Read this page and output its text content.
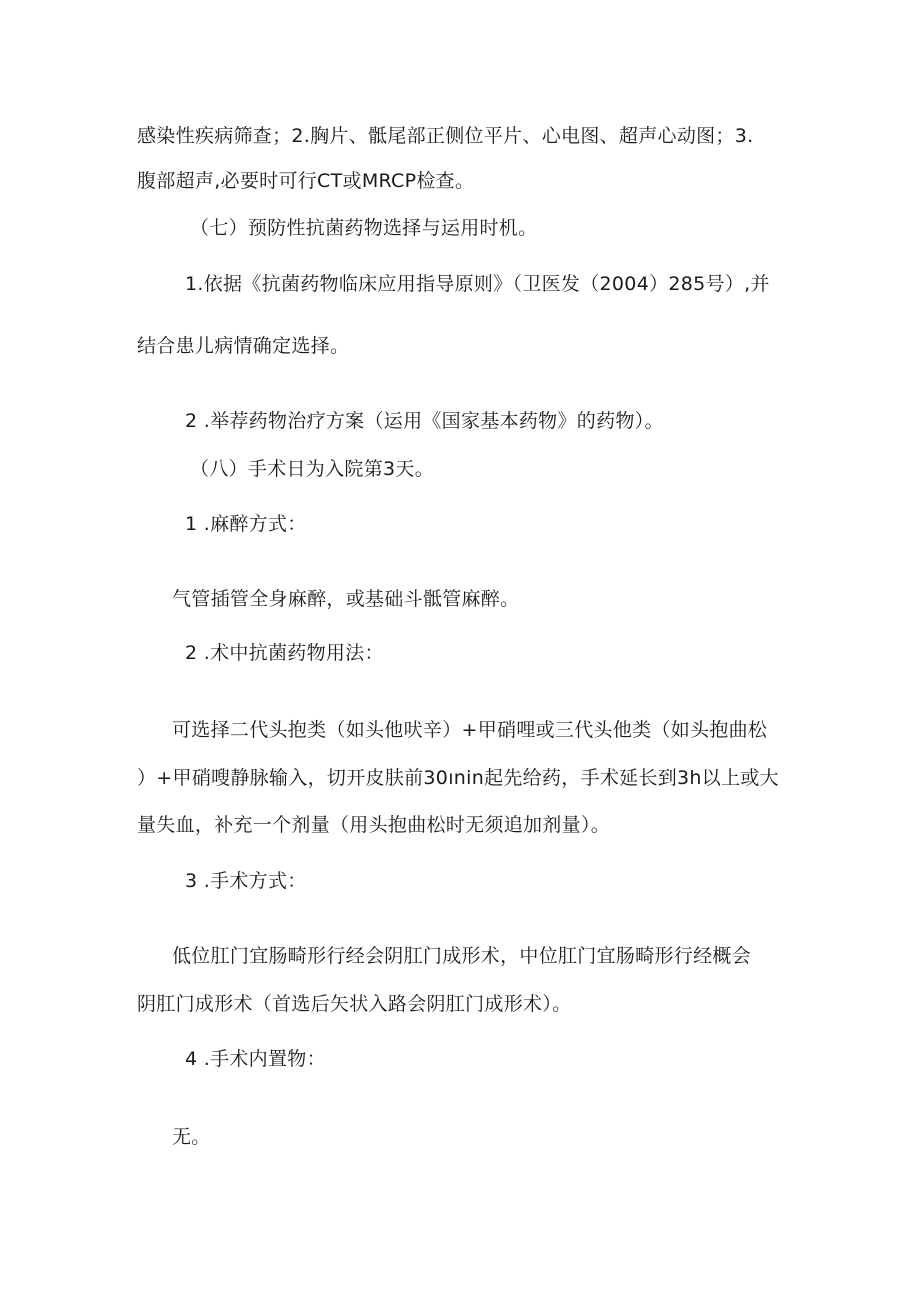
感染性疾病筛查；2.胸片、骶尾部正侧位平片、心电图、超声心动图；3.

腹部超声,必要时可行CT或MRCP检查。

（七）预防性抗菌药物选择与运用时机。

1.依据《抗菌药物临床应用指导原则》（卫医发（2004）285号）,并

结合患儿病情确定选择。

2 .举荐药物治疗方案（运用《国家基本药物》的药物）。

（八）手术日为入院第3天。

1 .麻醉方式：

气管插管全身麻醉，或基础斗骶管麻醉。

2 .术中抗菌药物用法：

可选择二代头抱类（如头他吠辛）+甲硝哩或三代头他类（如头抱曲松

）+甲硝嗖静脉输入，切开皮肤前30ınin起先给药，手术延长到3h以上或大

量失血，补充一个剂量（用头抱曲松时无须追加剂量）。

3 .手术方式：

低位肛门宜肠畸形行经会阴肛门成形术，中位肛门宜肠畸形行经概会

阴肛门成形术（首选后矢状入路会阴肛门成形术）。

4 .手术内置物：

无。
